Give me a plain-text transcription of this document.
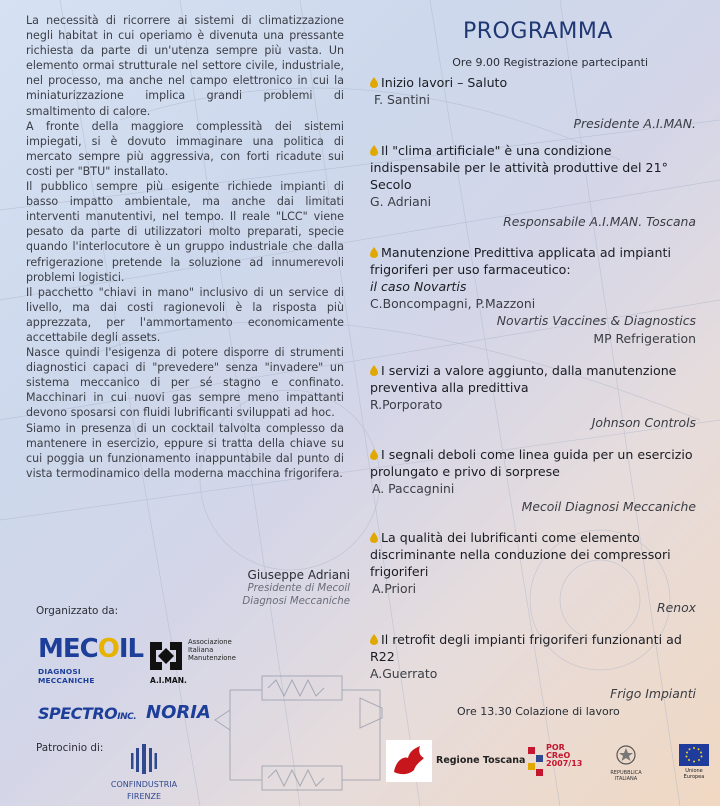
La necessità di ricorrere ai sistemi di climatizzazione negli habitat in cui operiamo è divenuta una pressante richiesta da parte di un'utenza sempre più vasta. Un elemento ormai strutturale nel settore civile, industriale, nel processo, ma anche nel campo elettronico in cui la miniaturizzazione implica grandi problemi di smaltimento di calore.

A fronte della maggiore complessità dei sistemi impiegati, si è dovuto immaginare una politica di mercato sempre più aggressiva, con forti ricadute sui costi per "BTU" installato.

Il pubblico sempre più esigente richiede impianti di basso impatto ambientale, ma anche dai limitati interventi manutentivi, nel tempo. Il reale "LCC" viene pesato da parte di utilizzatori molto preparati, specie quando l'interlocutore è un gruppo industriale che dalla refrigerazione pretende la soluzione ad innumerevoli problemi logistici.

Il pacchetto "chiavi in mano" inclusivo di un service di livello, ma dai costi ragionevoli è la risposta più apprezzata, per l'ammortamento economicamente accettabile degli assets.

Nasce quindi l'esigenza di potere disporre di strumenti diagnostici capaci di "prevedere" senza "invadere" un sistema meccanico di per sé stagno e confinato. Macchinari in cui nuovi gas sempre meno impattanti devono sposarsi con fluidi lubrificanti sviluppati ad hoc.

Siamo in presenza di un cocktail talvolta complesso da mantenere in esercizio, eppure si tratta della chiave su cui poggia un funzionamento inappuntabile dal punto di vista termodinamico della moderna macchina frigorifera.

Giuseppe Adriani
Presidente di Mecoil
Diagnosi Meccaniche
Organizzato da:
MECOIL
DIAGNOSI MECCANICHE
Associazione
Italiana
Manutenzione
A.I.MAN.
SPECTROINC. NORIA
Patrocinio di:
CONFINDUSTRIA
FIRENZE
PROGRAMMA
Ore 9.00 Registrazione partecipanti
Inizio lavori – Saluto
F. Santini
Presidente A.I.MAN.
Il "clima artificiale" è una condizione indispensabile per le attività produttive del 21° Secolo
G. Adriani
Responsabile A.I.MAN. Toscana
Manutenzione Predittiva applicata ad impianti frigoriferi per uso farmaceutico:
il caso Novartis
C.Boncompagni, P.Mazzoni
Novartis Vaccines & Diagnostics
MP Refrigeration
I servizi a valore aggiunto, dalla manutenzione preventiva alla predittiva
R.Porporato
Johnson Controls
I segnali deboli come linea guida per un esercizio prolungato e privo di sorprese
A. Paccagnini
Mecoil Diagnosi Meccaniche
La qualità dei lubrificanti come elemento discriminante nella conduzione dei compressori frigoriferi
A.Priori
Renox
Il retrofit degli impianti frigoriferi funzionanti ad R22
A.Guerrato
Frigo Impianti
Ore 13.30 Colazione di lavoro
Regione Toscana
POR
CReO
2007/13
REPUBBLICA ITALIANA
Unione Europea
